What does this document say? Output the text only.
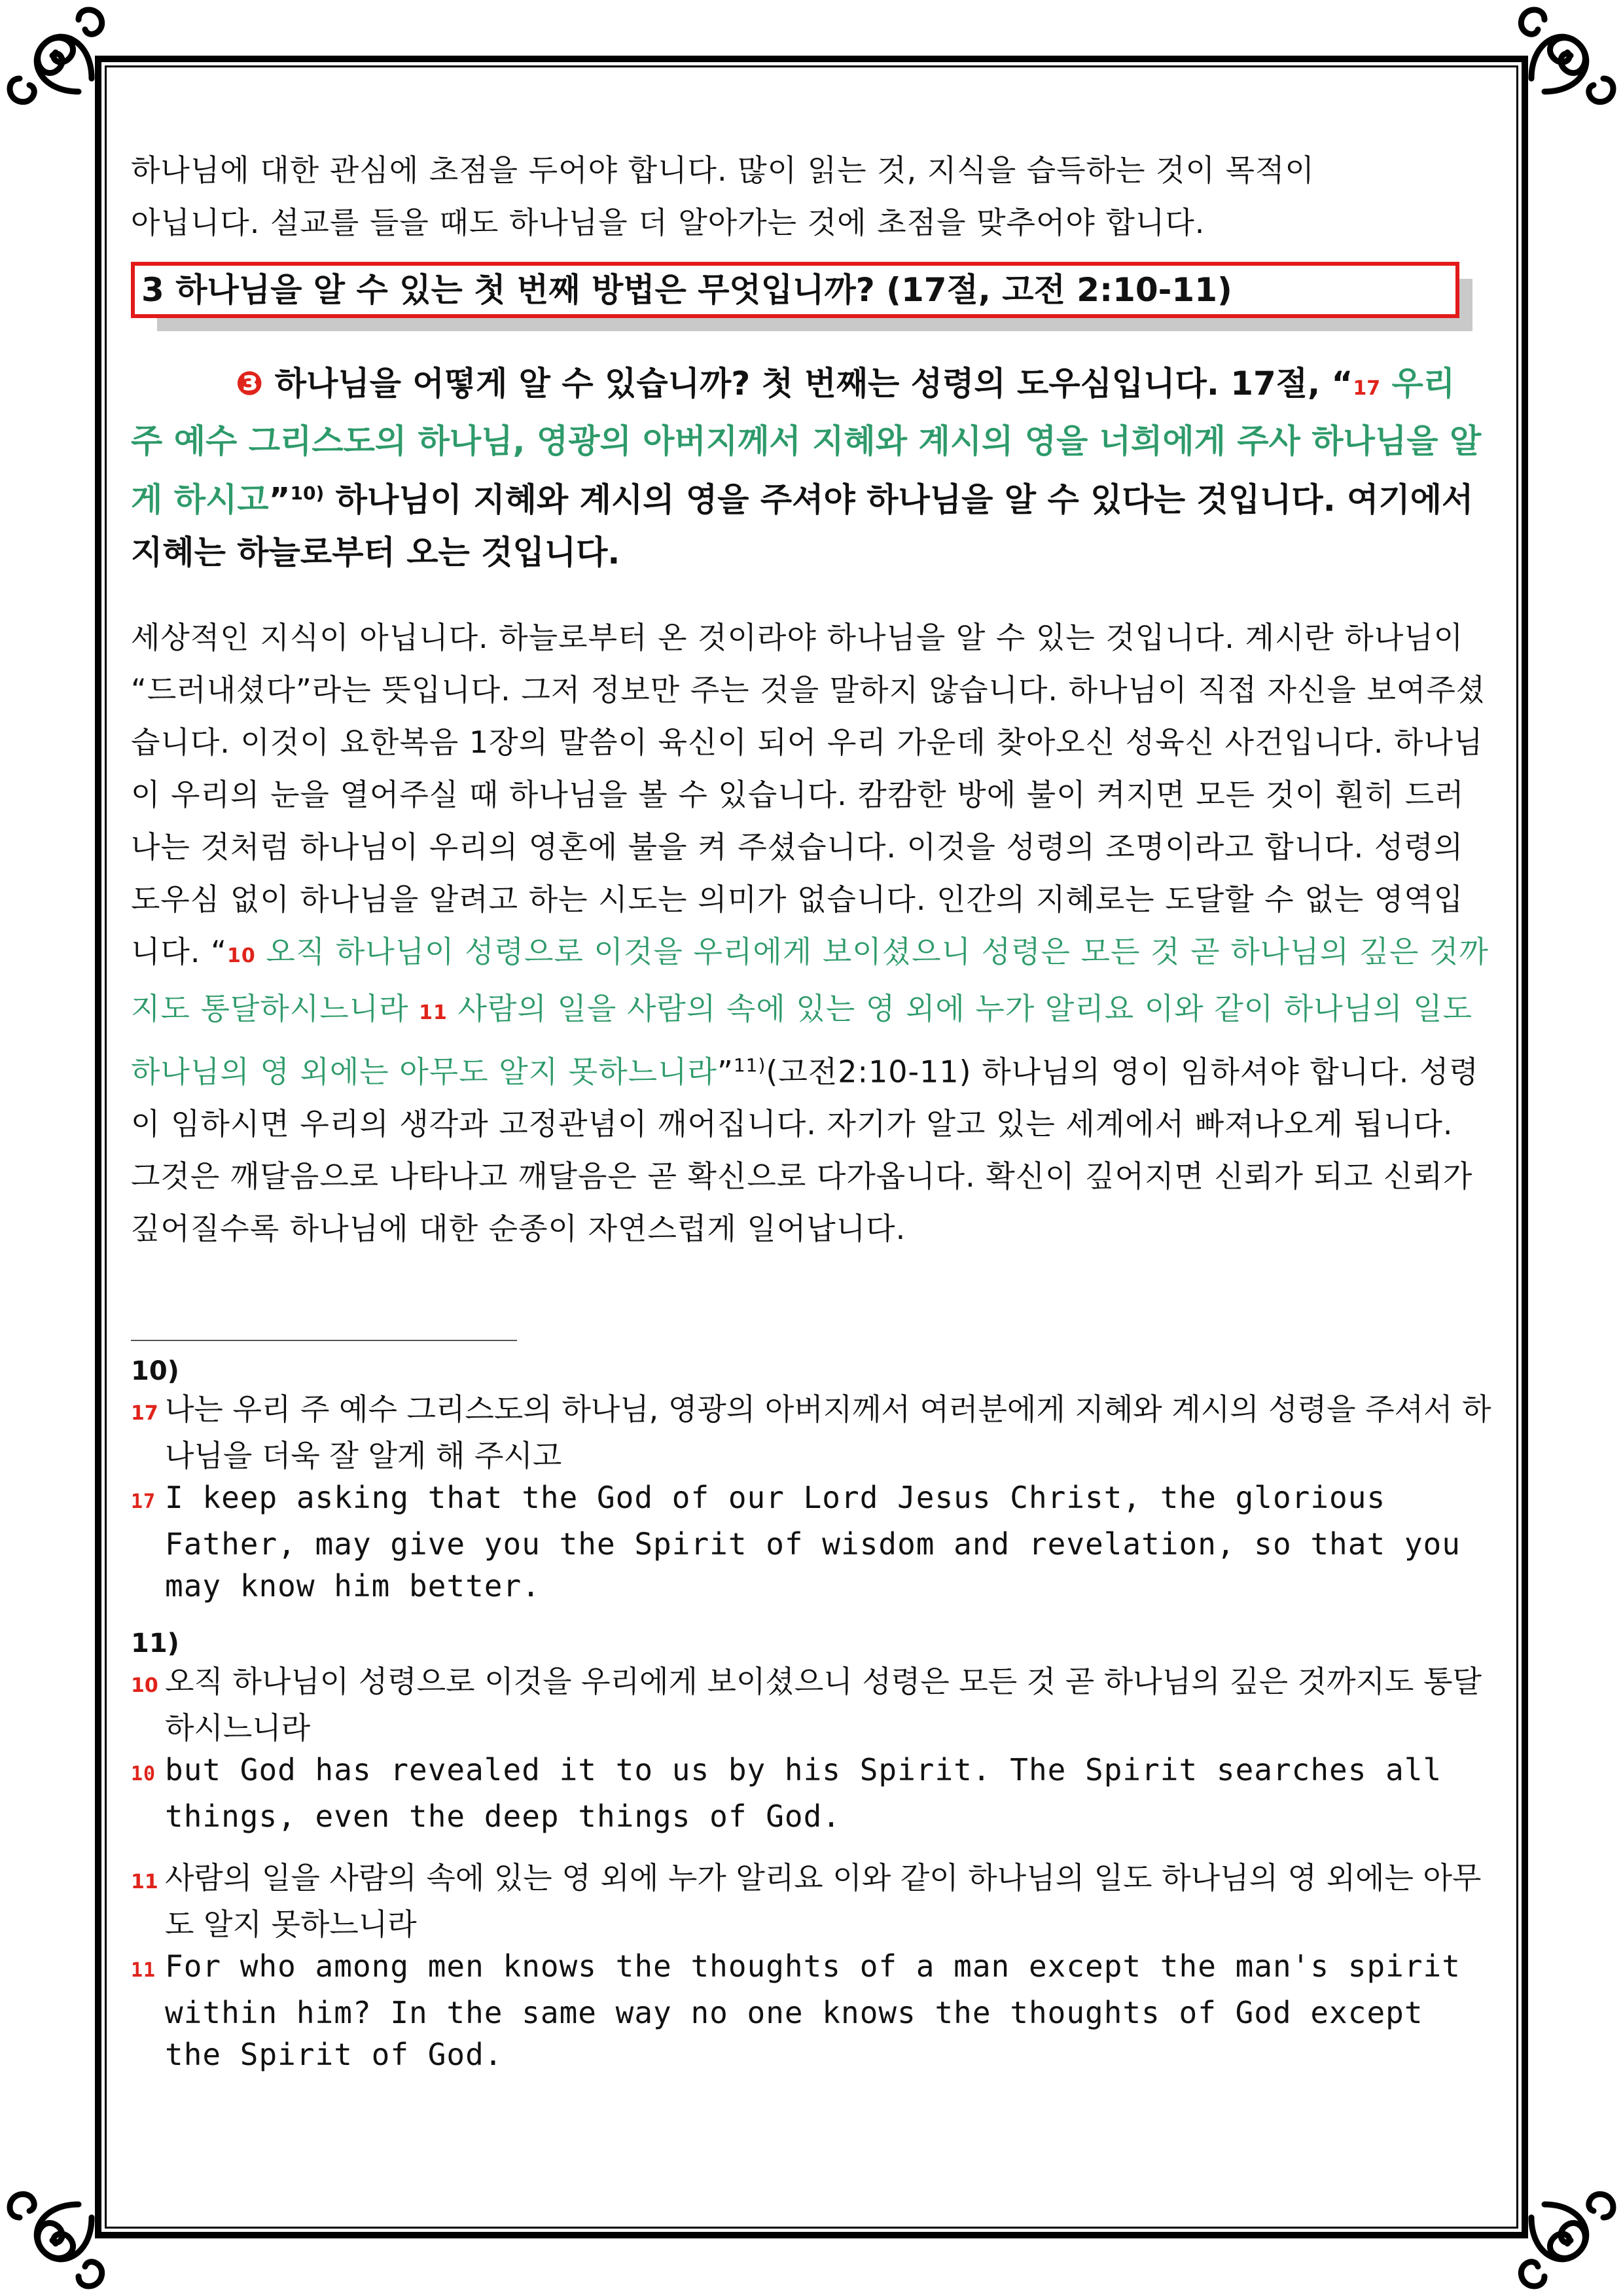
하나님에 대한 관심에 초점을 두어야 합니다. 많이 읽는 것, 지식을 습득하는 것이 목적이

아닙니다. 설교를 들을 때도 하나님을 더 알아가는 것에 초점을 맞추어야 합니다.

3 하나님을 알 수 있는 첫 번째 방법은 무엇입니까? (17절, 고전 2:10-11)

❸ 하나님을 어떻게 알 수 있습니까? 첫 번째는 성령의 도우심입니다. 17절, “17 우리 주 예수 그리스도의 하나님, 영광의 아버지께서 지혜와 계시의 영을 너희에게 주사 하나님을 알게 하시고”$^{10)}$ 하나님이 지혜와 계시의 영을 주셔야 하나님을 알 수 있다는 것입니다. 여기에서 지혜는 하늘로부터 오는 것입니다.

세상적인 지식이 아닙니다. 하늘로부터 온 것이라야 하나님을 알 수 있는 것입니다. 계시란 하나님이 “드러내셨다”라는 뜻입니다. 그저 정보만 주는 것을 말하지 않습니다. 하나님이 직접 자신을 보여주셨습니다. 이것이 요한복음 1장의 말씀이 육신이 되어 우리 가운데 찾아오신 성육신 사건입니다. 하나님이 우리의 눈을 열어주실 때 하나님을 볼 수 있습니다. 캄캄한 방에 불이 켜지면 모든 것이 훤히 드러나는 것처럼 하나님이 우리의 영혼에 불을 켜 주셨습니다. 이것을 성령의 조명이라고 합니다. 성령의 도우심 없이 하나님을 알려고 하는 시도는 의미가 없습니다. 인간의 지혜로는 도달할 수 없는 영역입니다. “10 오직 하나님이 성령으로 이것을 우리에게 보이셨으니 성령은 모든 것 곧 하나님의 깊은 것까지도 통달하시느니라 11 사람의 일을 사람의 속에 있는 영 외에 누가 알리요 이와 같이 하나님의 일도 하나님의 영 외에는 아무도 알지 못하느니라”$^{11)}$(고전2:10-11) 하나님의 영이 임하셔야 합니다. 성령이 임하시면 우리의 생각과 고정관념이 깨어집니다. 자기가 알고 있는 세계에서 빠져나오게 됩니다. 그것은 깨달음으로 나타나고 깨달음은 곧 확신으로 다가옵니다. 확신이 깊어지면 신뢰가 되고 신뢰가 깊어질수록 하나님에 대한 순종이 자연스럽게 일어납니다.

10)

17 나는 우리 주 예수 그리스도의 하나님, 영광의 아버지께서 여러분에게 지혜와 계시의 성령을 주셔서 하나님을 더욱 잘 알게 해 주시고

17 I keep asking that the God of our Lord Jesus Christ, the glorious Father, may give you the Spirit of wisdom and revelation, so that you may know him better.

11)

10 오직 하나님이 성령으로 이것을 우리에게 보이셨으니 성령은 모든 것 곧 하나님의 깊은 것까지도 통달하시느니라

10 but God has revealed it to us by his Spirit. The Spirit searches all things, even the deep things of God.

11 사람의 일을 사람의 속에 있는 영 외에 누가 알리요 이와 같이 하나님의 일도 하나님의 영 외에는 아무도 알지 못하느니라

11 For who among men knows the thoughts of a man except the man's spirit within him? In the same way no one knows the thoughts of God except the Spirit of God.
